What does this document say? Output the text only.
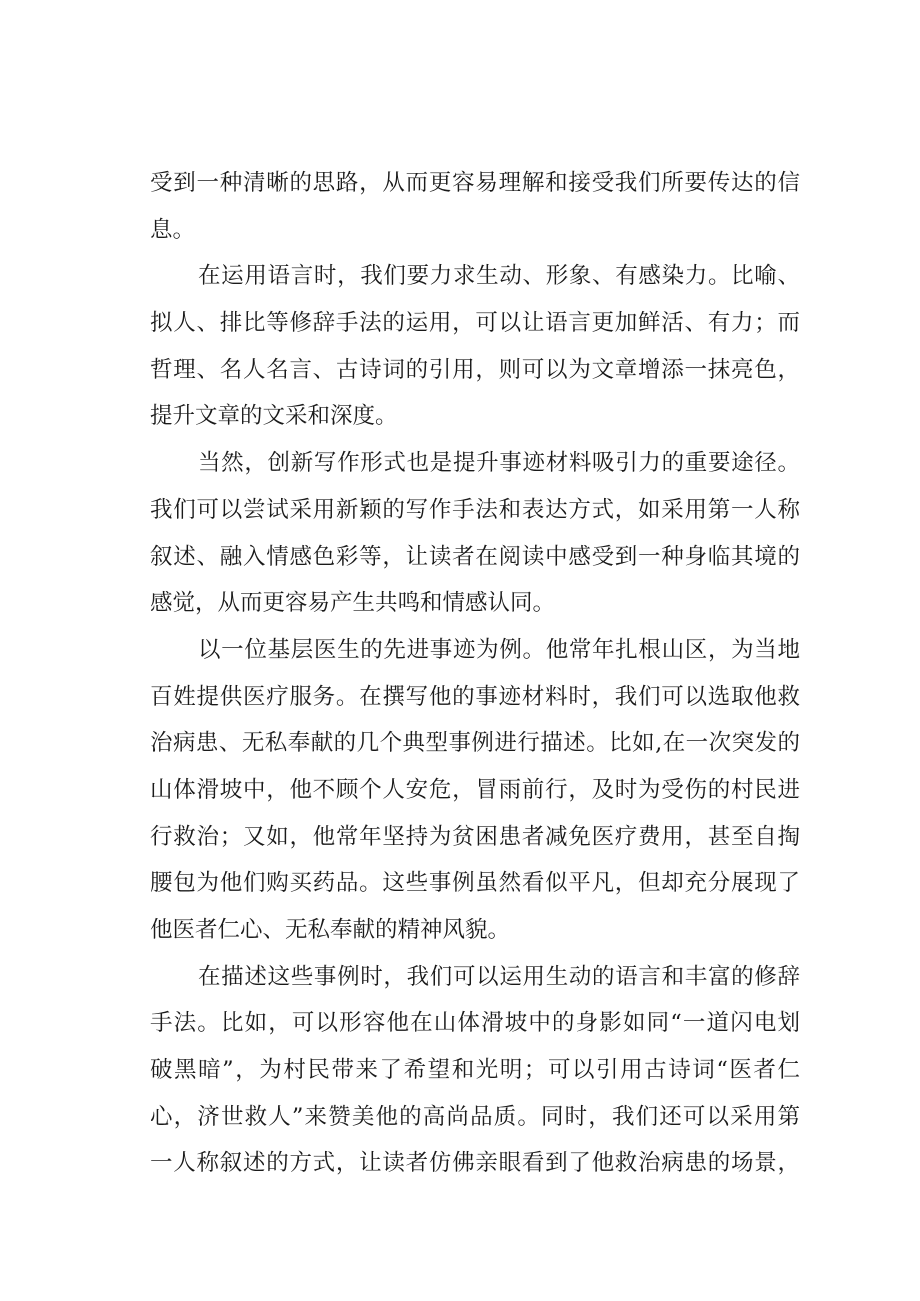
受到一种清晰的思路，从而更容易理解和接受我们所要传达的信
息。
在运用语言时，我们要力求生动、形象、有感染力。比喻、
拟人、排比等修辞手法的运用，可以让语言更加鲜活、有力；而
哲理、名人名言、古诗词的引用，则可以为文章增添一抹亮色，
提升文章的文采和深度。
当然，创新写作形式也是提升事迹材料吸引力的重要途径。
我们可以尝试采用新颖的写作手法和表达方式，如采用第一人称
叙述、融入情感色彩等，让读者在阅读中感受到一种身临其境的
感觉，从而更容易产生共鸣和情感认同。
以一位基层医生的先进事迹为例。他常年扎根山区，为当地
百姓提供医疗服务。在撰写他的事迹材料时，我们可以选取他救
治病患、无私奉献的几个典型事例进行描述。比如,在一次突发的
山体滑坡中，他不顾个人安危，冒雨前行，及时为受伤的村民进
行救治；又如，他常年坚持为贫困患者减免医疗费用，甚至自掏
腰包为他们购买药品。这些事例虽然看似平凡，但却充分展现了
他医者仁心、无私奉献的精神风貌。
在描述这些事例时，我们可以运用生动的语言和丰富的修辞
手法。比如，可以形容他在山体滑坡中的身影如同“一道闪电划
破黑暗”，为村民带来了希望和光明；可以引用古诗词“医者仁
心，济世救人”来赞美他的高尚品质。同时，我们还可以采用第
一人称叙述的方式，让读者仿佛亲眼看到了他救治病患的场景，
